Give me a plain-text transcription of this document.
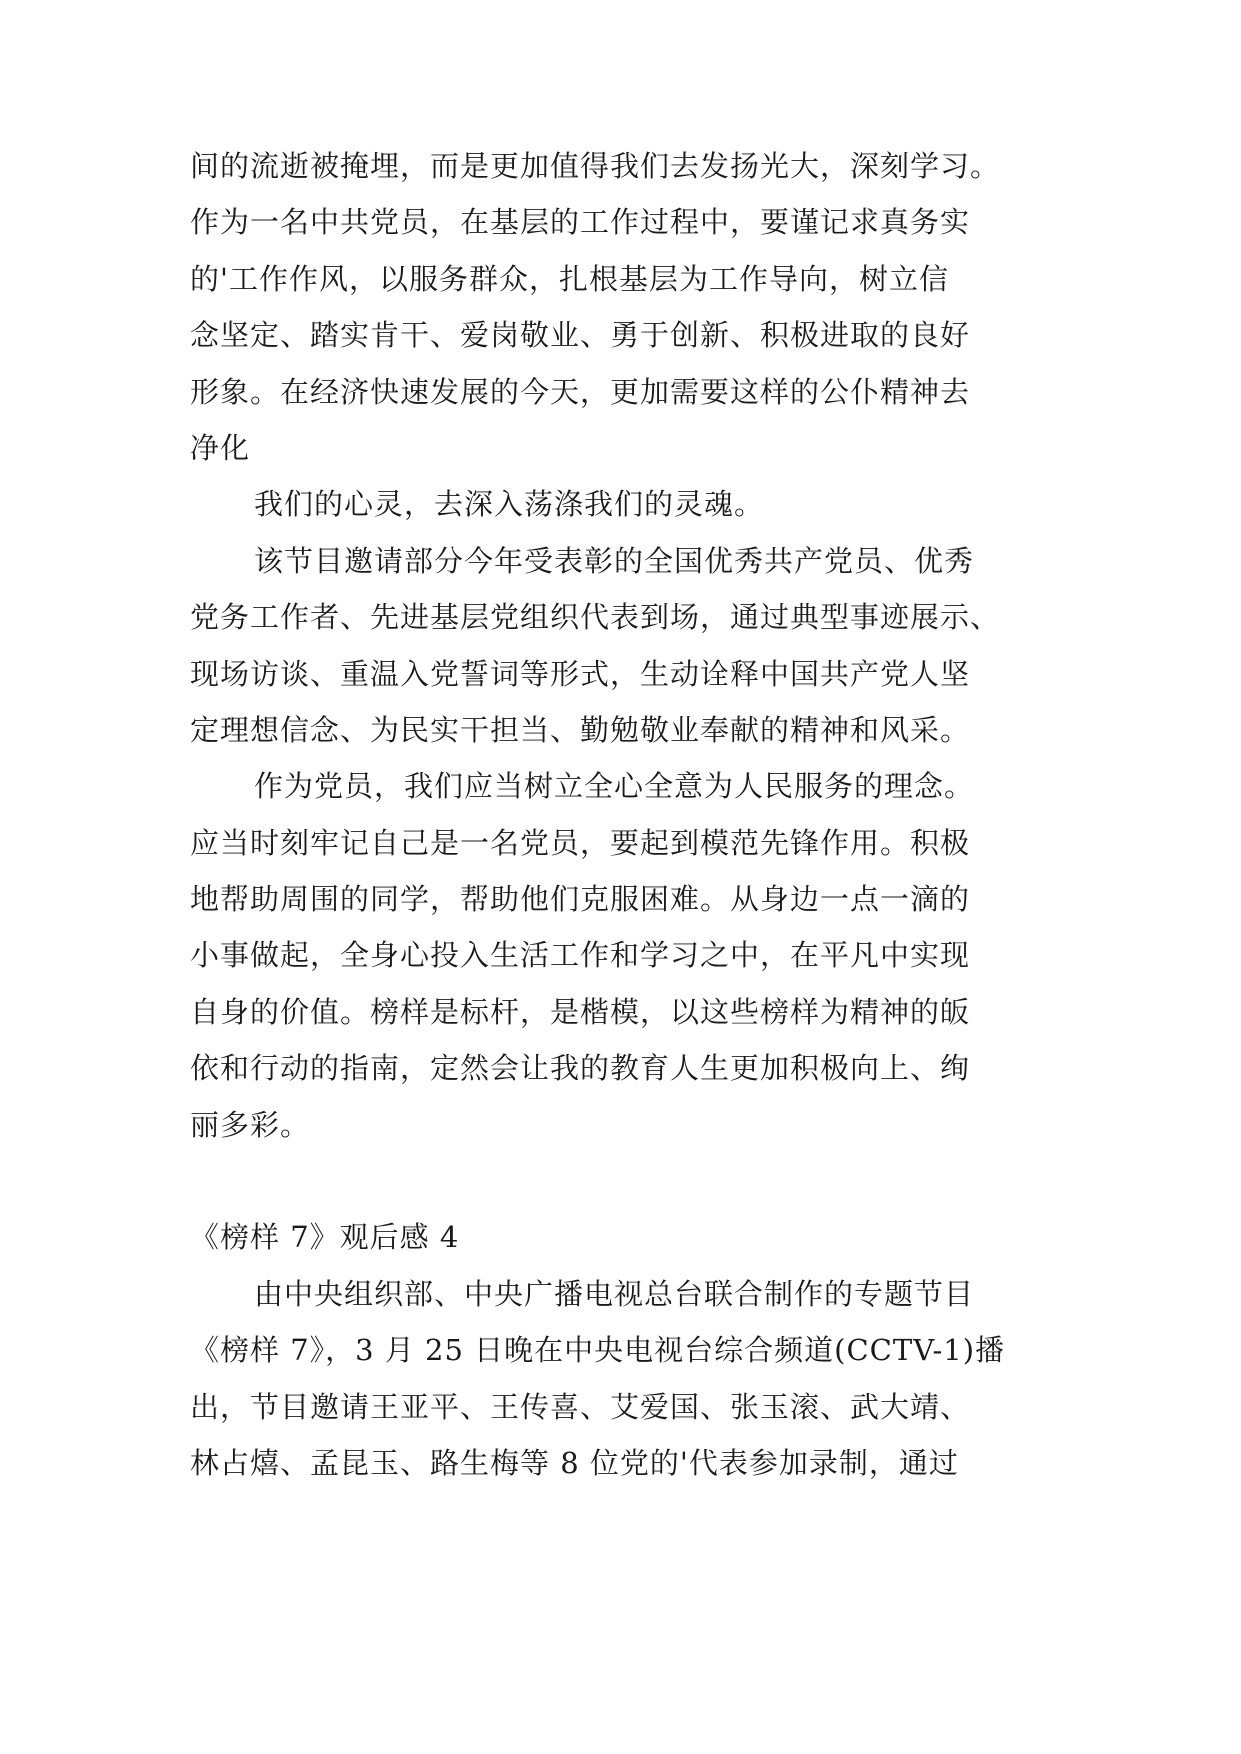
间的流逝被掩埋，而是更加值得我们去发扬光大，深刻学习。
作为一名中共党员，在基层的工作过程中，要谨记求真务实
的'工作作风，以服务群众，扎根基层为工作导向，树立信
念坚定、踏实肯干、爱岗敬业、勇于创新、积极进取的良好
形象。在经济快速发展的今天，更加需要这样的公仆精神去
净化
我们的心灵，去深入荡涤我们的灵魂。
该节目邀请部分今年受表彰的全国优秀共产党员、优秀
党务工作者、先进基层党组织代表到场，通过典型事迹展示、
现场访谈、重温入党誓词等形式，生动诠释中国共产党人坚
定理想信念、为民实干担当、勤勉敬业奉献的精神和风采。
作为党员，我们应当树立全心全意为人民服务的理念。
应当时刻牢记自己是一名党员，要起到模范先锋作用。积极
地帮助周围的同学，帮助他们克服困难。从身边一点一滴的
小事做起，全身心投入生活工作和学习之中，在平凡中实现
自身的价值。榜样是标杆，是楷模，以这些榜样为精神的皈
依和行动的指南，定然会让我的教育人生更加积极向上、绚
丽多彩。
《榜样 7》观后感 4
由中央组织部、中央广播电视总台联合制作的专题节目
《榜样 7》，3 月 25 日晚在中央电视台综合频道(CCTV-1)播
出，节目邀请王亚平、王传喜、艾爱国、张玉滚、武大靖、
林占熺、孟昆玉、路生梅等 8 位党的'代表参加录制，通过
